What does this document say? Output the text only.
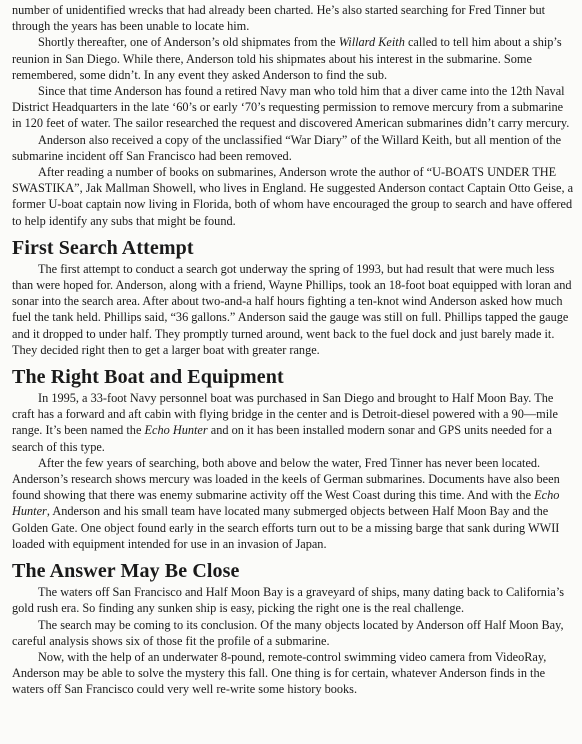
number of unidentified wrecks that had already been charted. He’s also started searching for Fred Tinner but through the years has been unable to locate him.

Shortly thereafter, one of Anderson’s old shipmates from the Willard Keith called to tell him about a ship’s reunion in San Diego. While there, Anderson told his shipmates about his interest in the submarine. Some remembered, some didn’t. In any event they asked Anderson to find the sub.

Since that time Anderson has found a retired Navy man who told him that a diver came into the 12th Naval District Headquarters in the late ‘60’s or early ‘70’s requesting permission to remove mercury from a submarine in 120 feet of water. The sailor researched the request and discovered American submarines didn’t carry mercury.

Anderson also received a copy of the unclassified “War Diary” of the Willard Keith, but all mention of the submarine incident off San Francisco had been removed.

After reading a number of books on submarines, Anderson wrote the author of “U-BOATS UNDER THE SWASTIKA”, Jak Mallman Showell, who lives in England. He suggested Anderson contact Captain Otto Geise, a former U-boat captain now living in Florida, both of whom have encouraged the group to search and have offered to help identify any subs that might be found.

First Search Attempt

The first attempt to conduct a search got underway the spring of 1993, but had result that were much less than were hoped for. Anderson, along with a friend, Wayne Phillips, took an 18-foot boat equipped with loran and sonar into the search area. After about two-and-a half hours fighting a ten-knot wind Anderson asked how much fuel the tank held. Phillips said, “36 gallons.” Anderson said the gauge was still on full. Phillips tapped the gauge and it dropped to under half. They promptly turned around, went back to the fuel dock and just barely made it. They decided right then to get a larger boat with greater range.

The Right Boat and Equipment

In 1995, a 33-foot Navy personnel boat was purchased in San Diego and brought to Half Moon Bay. The craft has a forward and aft cabin with flying bridge in the center and is Detroit-diesel powered with a 90—mile range. It’s been named the Echo Hunter and on it has been installed modern sonar and GPS units needed for a search of this type.

After the few years of searching, both above and below the water, Fred Tinner has never been located. Anderson’s research shows mercury was loaded in the keels of German submarines. Documents have also been found showing that there was enemy submarine activity off the West Coast during this time. And with the Echo Hunter, Anderson and his small team have located many submerged objects between Half Moon Bay and the Golden Gate. One object found early in the search efforts turn out to be a missing barge that sank during WWII loaded with equipment intended for use in an invasion of Japan.

The Answer May Be Close

The waters off San Francisco and Half Moon Bay is a graveyard of ships, many dating back to California’s gold rush era. So finding any sunken ship is easy, picking the right one is the real challenge.

The search may be coming to its conclusion. Of the many objects located by Anderson off Half Moon Bay, careful analysis shows six of those fit the profile of a submarine.

Now, with the help of an underwater 8-pound, remote-control swimming video camera from VideoRay, Anderson may be able to solve the mystery this fall. One thing is for certain, whatever Anderson finds in the waters off San Francisco could very well re-write some history books.
